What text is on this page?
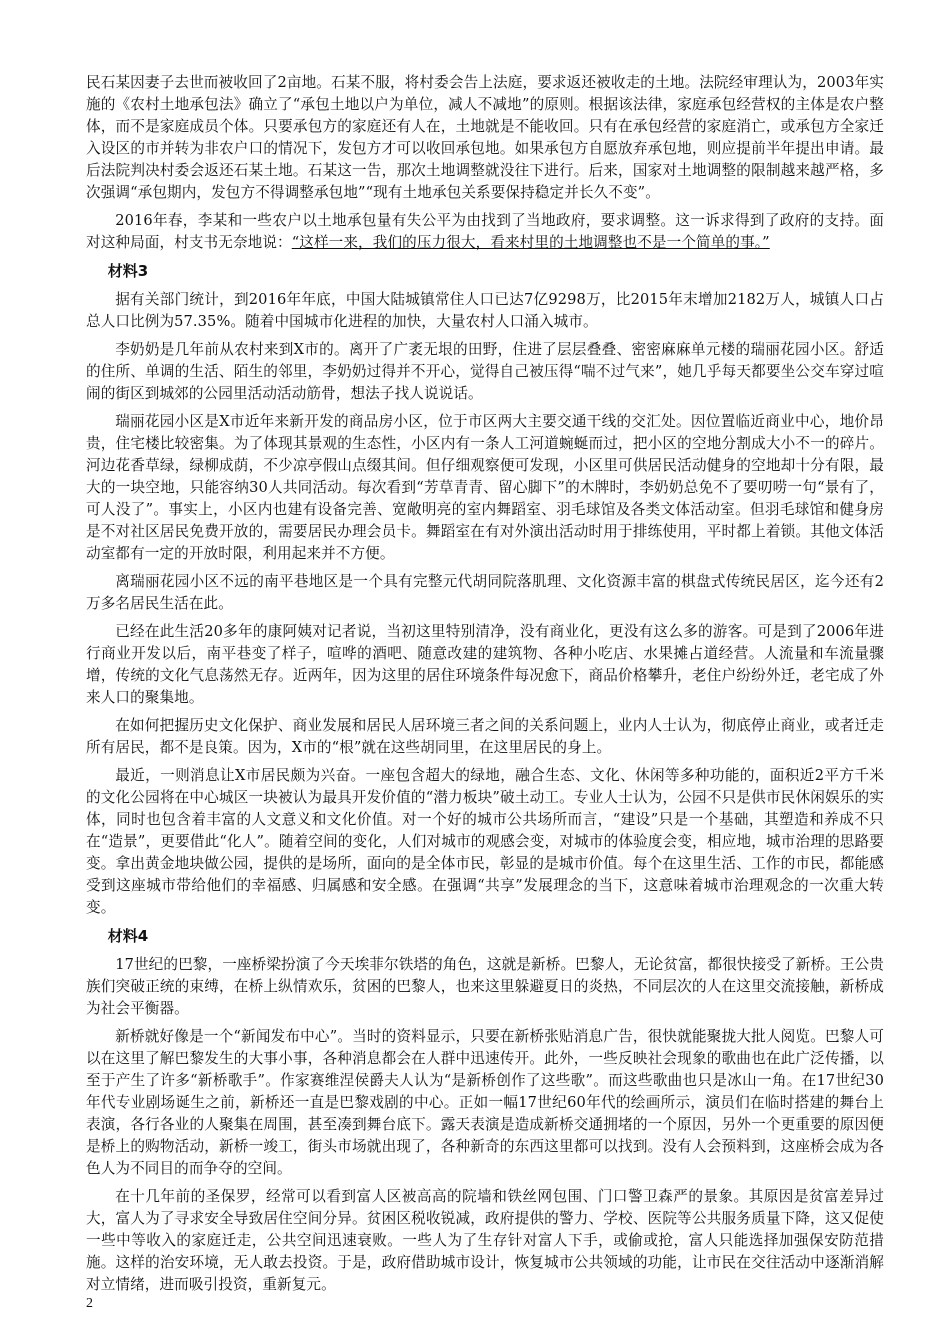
民石某因妻子去世而被收回了2亩地。石某不服，将村委会告上法庭，要求返还被收走的土地。法院经审理认为，2003年实施的《农村土地承包法》确立了“承包土地以户为单位，减人不减地”的原则。根据该法律，家庭承包经营权的主体是农户整体，而不是家庭成员个体。只要承包方的家庭还有人在，土地就是不能收回。只有在承包经营的家庭消亡，或承包方全家迁入设区的市并转为非农户口的情况下，发包方才可以收回承包地。如果承包方自愿放弃承包地，则应提前半年提出申请。最后法院判决村委会返还石某土地。石某这一告，那次土地调整就没往下进行。后来，国家对土地调整的限制越来越严格，多次强调“承包期内，发包方不得调整承包地”“现有土地承包关系要保持稳定并长久不变”。

2016年春，李某和一些农户以土地承包量有失公平为由找到了当地政府，要求调整。这一诉求得到了政府的支持。面对这种局面，村支书无奈地说：“这样一来，我们的压力很大，看来村里的土地调整也不是一个简单的事。”

材料3

据有关部门统计，到2016年年底，中国大陆城镇常住人口已达7亿9298万，比2015年末增加2182万人，城镇人口占总人口比例为57.35%。随着中国城市化进程的加快，大量农村人口涌入城市。

李奶奶是几年前从农村来到X市的。离开了广袤无垠的田野，住进了层层叠叠、密密麻麻单元楼的瑞丽花园小区。舒适的住所、单调的生活、陌生的邻里，李奶奶过得并不开心，觉得自己被压得“喘不过气来”，她几乎每天都要坐公交车穿过喧闹的街区到城郊的公园里活动活动筋骨，想法子找人说说话。

瑞丽花园小区是X市近年来新开发的商品房小区，位于市区两大主要交通干线的交汇处。因位置临近商业中心，地价昂贵，住宅楼比较密集。为了体现其景观的生态性，小区内有一条人工河道蜿蜒而过，把小区的空地分割成大小不一的碎片。河边花香草绿，绿柳成荫，不少凉亭假山点缀其间。但仔细观察便可发现，小区里可供居民活动健身的空地却十分有限，最大的一块空地，只能容纳30人共同活动。每次看到“芳草青青、留心脚下”的木牌时，李奶奶总免不了要叨唠一句“景有了，可人没了”。事实上，小区内也建有设备完善、宽敞明亮的室内舞蹈室、羽毛球馆及各类文体活动室。但羽毛球馆和健身房是不对社区居民免费开放的，需要居民办理会员卡。舞蹈室在有对外演出活动时用于排练使用，平时都上着锁。其他文体活动室都有一定的开放时限，利用起来并不方便。

离瑞丽花园小区不远的南平巷地区是一个具有完整元代胡同院落肌理、文化资源丰富的棋盘式传统民居区，迄今还有2万多名居民生活在此。

已经在此生活20多年的康阿姨对记者说，当初这里特别清净，没有商业化，更没有这么多的游客。可是到了2006年进行商业开发以后，南平巷变了样子，喧哗的酒吧、随意改建的建筑物、各种小吃店、水果摊占道经营。人流量和车流量骤增，传统的文化气息荡然无存。近两年，因为这里的居住环境条件每况愈下，商品价格攀升，老住户纷纷外迁，老宅成了外来人口的聚集地。

在如何把握历史文化保护、商业发展和居民人居环境三者之间的关系问题上，业内人士认为，彻底停止商业，或者迁走所有居民，都不是良策。因为，X市的“根”就在这些胡同里，在这里居民的身上。

最近，一则消息让X市居民颇为兴奋。一座包含超大的绿地，融合生态、文化、休闲等多种功能的，面积近2平方千米的文化公园将在中心城区一块被认为最具开发价值的“潜力板块”破土动工。专业人士认为，公园不只是供市民休闲娱乐的实体，同时也包含着丰富的人文意义和文化价值。对一个好的城市公共场所而言，“建设”只是一个基础，其塑造和养成不只在“造景”，更要借此“化人”。随着空间的变化，人们对城市的观感会变，对城市的体验度会变，相应地，城市治理的思路要变。拿出黄金地块做公园，提供的是场所，面向的是全体市民，彰显的是城市价值。每个在这里生活、工作的市民，都能感受到这座城市带给他们的幸福感、归属感和安全感。在强调“共享”发展理念的当下，这意味着城市治理观念的一次重大转变。

材料4

17世纪的巴黎，一座桥梁扮演了今天埃菲尔铁塔的角色，这就是新桥。巴黎人，无论贫富，都很快接受了新桥。王公贵族们突破正统的束缚，在桥上纵情欢乐，贫困的巴黎人，也来这里躲避夏日的炎热，不同层次的人在这里交流接触，新桥成为社会平衡器。

新桥就好像是一个“新闻发布中心”。当时的资料显示，只要在新桥张贴消息广告，很快就能聚拢大批人阅览。巴黎人可以在这里了解巴黎发生的大事小事，各种消息都会在人群中迅速传开。此外，一些反映社会现象的歌曲也在此广泛传播，以至于产生了许多“新桥歌手”。作家赛维涅侯爵夫人认为“是新桥创作了这些歌”。而这些歌曲也只是冰山一角。在17世纪30年代专业剧场诞生之前，新桥还一直是巴黎戏剧的中心。正如一幅17世纪60年代的绘画所示，演员们在临时搭建的舞台上表演，各行各业的人聚集在周围，甚至凑到舞台底下。露天表演是造成新桥交通拥堵的一个原因，另外一个更重要的原因便是桥上的购物活动，新桥一竣工，街头市场就出现了，各种新奇的东西这里都可以找到。没有人会预料到，这座桥会成为各色人为不同目的而争夺的空间。

在十几年前的圣保罗，经常可以看到富人区被高高的院墙和铁丝网包围、门口警卫森严的景象。其原因是贫富差异过大，富人为了寻求安全导致居住空间分异。贫困区税收锐减，政府提供的警力、学校、医院等公共服务质量下降，这又促使一些中等收入的家庭迁走，公共空间迅速衰败。一些人为了生存针对富人下手，或偷或抢，富人只能选择加强保安防范措施。这样的治安环境，无人敢去投资。于是，政府借助城市设计，恢复城市公共领域的功能，让市民在交往活动中逐渐消解对立情绪，进而吸引投资，重新复元。

2
